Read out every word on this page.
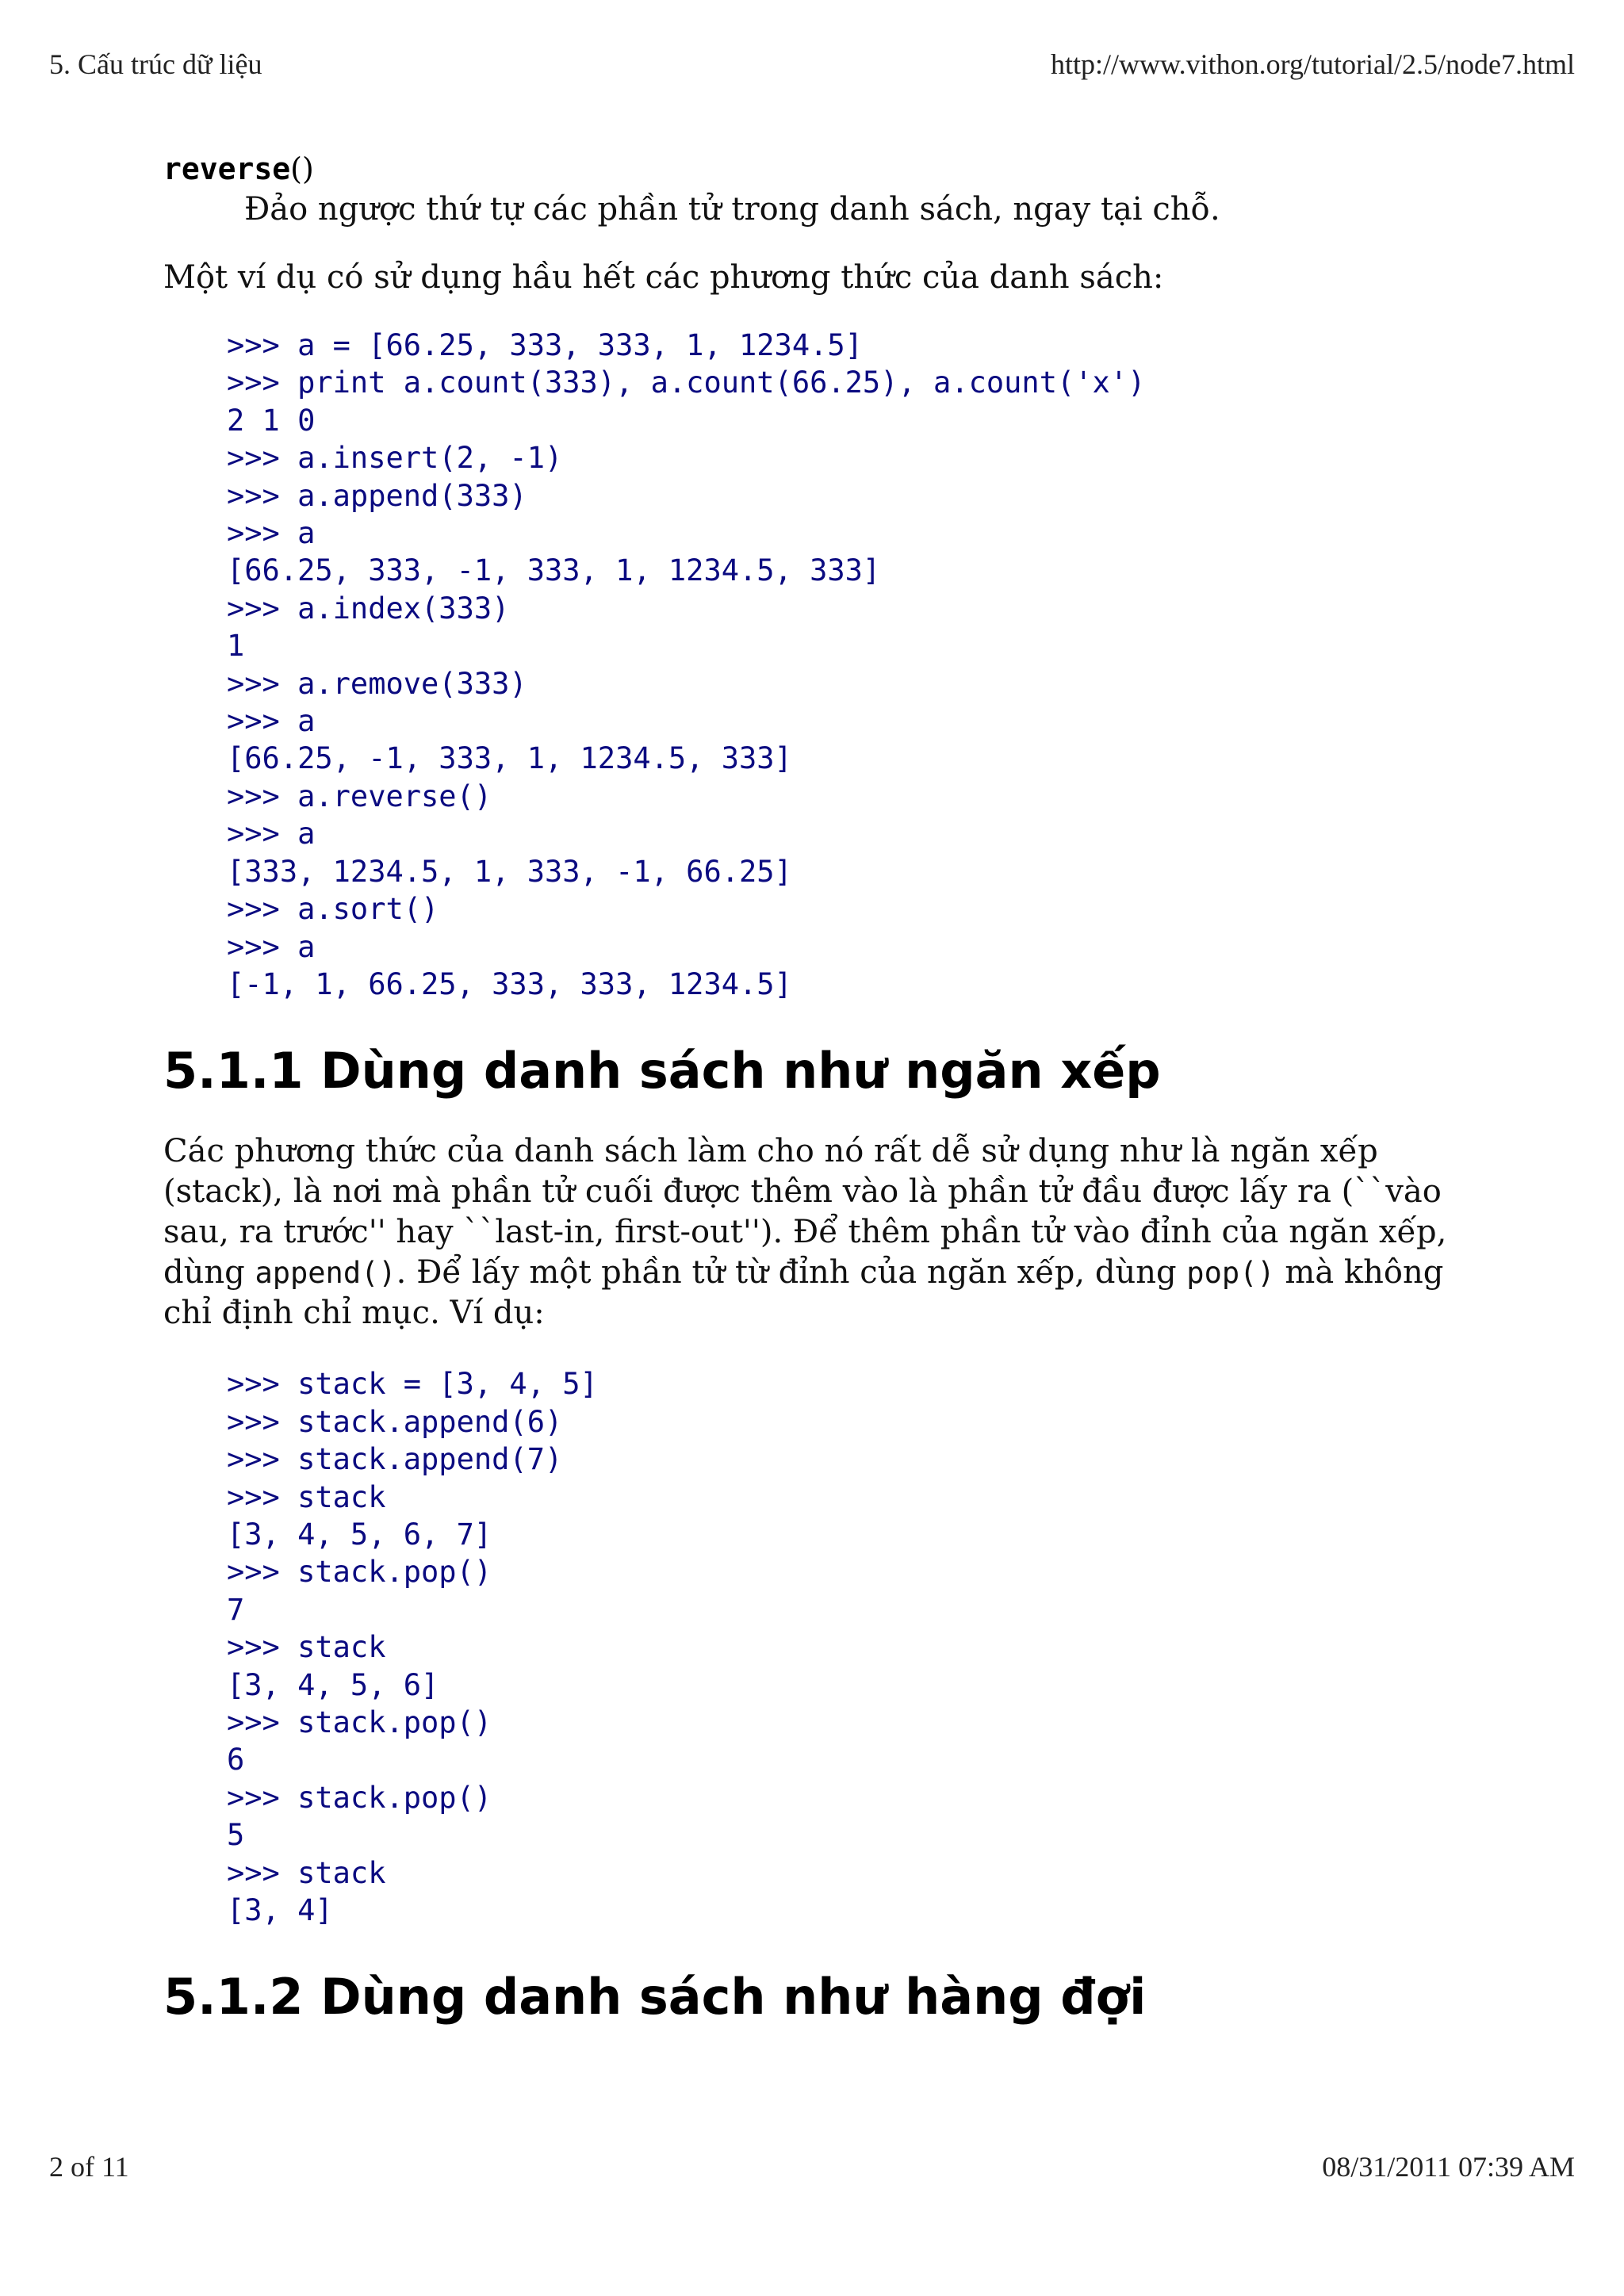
5. Cấu trúc dữ liệu	http://www.vithon.org/tutorial/2.5/node7.html
reverse()
Đảo ngược thứ tự các phần tử trong danh sách, ngay tại chỗ.

Một ví dụ có sử dụng hầu hết các phương thức của danh sách:

>>> a = [66.25, 333, 333, 1, 1234.5]
>>> print a.count(333), a.count(66.25), a.count('x')
2 1 0
>>> a.insert(2, -1)
>>> a.append(333)
>>> a
[66.25, 333, -1, 333, 1, 1234.5, 333]
>>> a.index(333)
1
>>> a.remove(333)
>>> a
[66.25, -1, 333, 1, 1234.5, 333]
>>> a.reverse()
>>> a
[333, 1234.5, 1, 333, -1, 66.25]
>>> a.sort()
>>> a
[-1, 1, 66.25, 333, 333, 1234.5]
5.1.1 Dùng danh sách như ngăn xếp

Các phương thức của danh sách làm cho nó rất dễ sử dụng như là ngăn xếp (stack), là nơi mà phần tử cuối được thêm vào là phần tử đầu được lấy ra (``vào sau, ra trước'' hay ``last-in, first-out''). Để thêm phần tử vào đỉnh của ngăn xếp, dùng append(). Để lấy một phần tử từ đỉnh của ngăn xếp, dùng pop() mà không chỉ định chỉ mục. Ví dụ:

>>> stack = [3, 4, 5]
>>> stack.append(6)
>>> stack.append(7)
>>> stack
[3, 4, 5, 6, 7]
>>> stack.pop()
7
>>> stack
[3, 4, 5, 6]
>>> stack.pop()
6
>>> stack.pop()
5
>>> stack
[3, 4]
5.1.2 Dùng danh sách như hàng đợi
2 of 11	08/31/2011 07:39 AM
